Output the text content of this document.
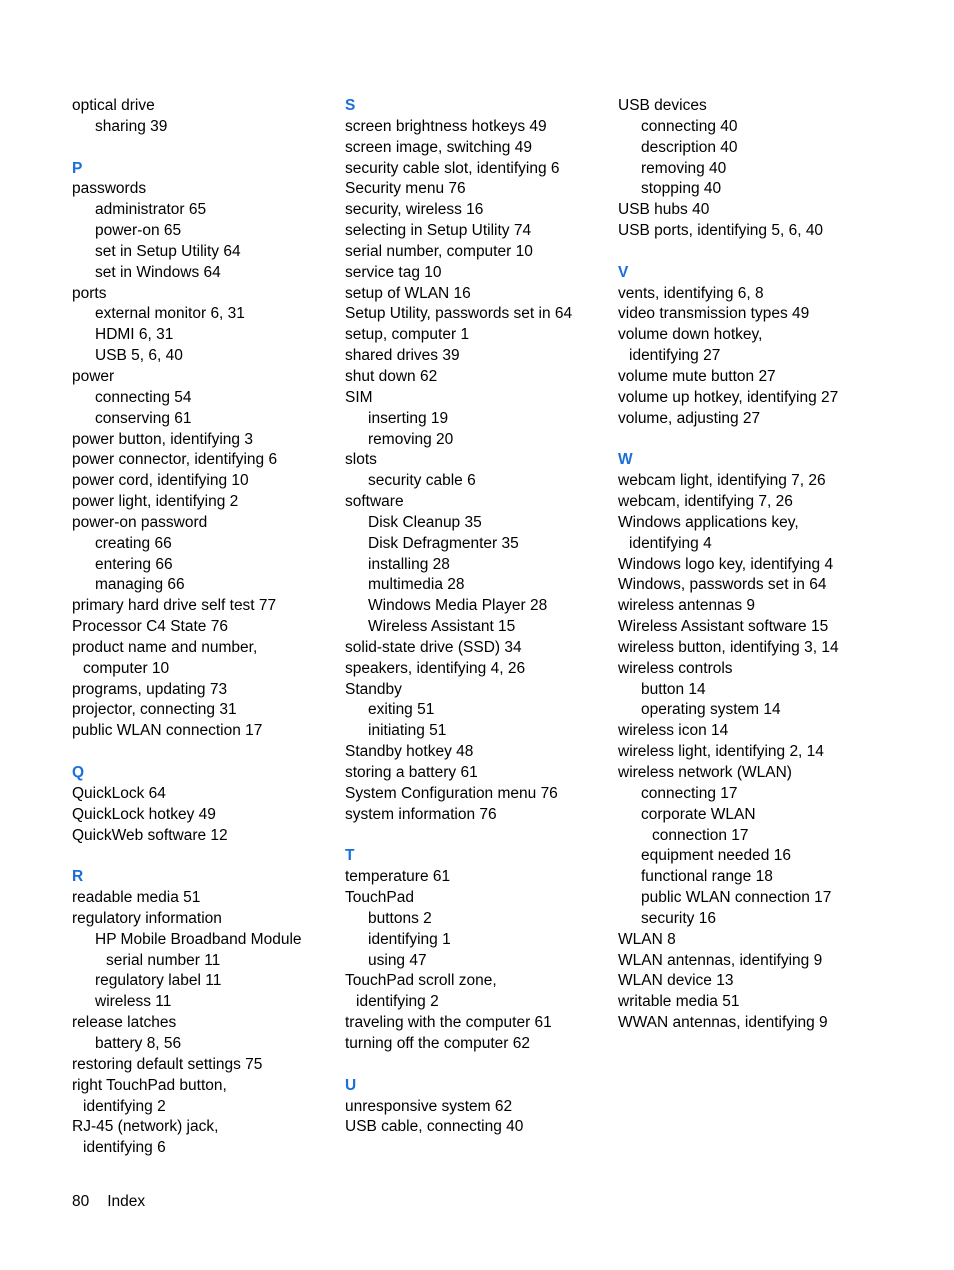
optical drive
sharing 39
P
passwords
administrator 65
power-on 65
set in Setup Utility 64
set in Windows 64
ports
external monitor 6, 31
HDMI 6, 31
USB 5, 6, 40
power
connecting 54
conserving 61
power button, identifying 3
power connector, identifying 6
power cord, identifying 10
power light, identifying 2
power-on password
creating 66
entering 66
managing 66
primary hard drive self test 77
Processor C4 State 76
product name and number,
computer 10
programs, updating 73
projector, connecting 31
public WLAN connection 17
Q
QuickLock 64
QuickLock hotkey 49
QuickWeb software 12
R
readable media 51
regulatory information
HP Mobile Broadband Module
serial number 11
regulatory label 11
wireless 11
release latches
battery 8, 56
restoring default settings 75
right TouchPad button,
identifying 2
RJ-45 (network) jack,
identifying 6
S
screen brightness hotkeys 49
screen image, switching 49
security cable slot, identifying 6
Security menu 76
security, wireless 16
selecting in Setup Utility 74
serial number, computer 10
service tag 10
setup of WLAN 16
Setup Utility, passwords set in 64
setup, computer 1
shared drives 39
shut down 62
SIM
inserting 19
removing 20
slots
security cable 6
software
Disk Cleanup 35
Disk Defragmenter 35
installing 28
multimedia 28
Windows Media Player 28
Wireless Assistant 15
solid-state drive (SSD) 34
speakers, identifying 4, 26
Standby
exiting 51
initiating 51
Standby hotkey 48
storing a battery 61
System Configuration menu 76
system information 76
T
temperature 61
TouchPad
buttons 2
identifying 1
using 47
TouchPad scroll zone,
identifying 2
traveling with the computer 61
turning off the computer 62
U
unresponsive system 62
USB cable, connecting 40
USB devices
connecting 40
description 40
removing 40
stopping 40
USB hubs 40
USB ports, identifying 5, 6, 40
V
vents, identifying 6, 8
video transmission types 49
volume down hotkey,
identifying 27
volume mute button 27
volume up hotkey, identifying 27
volume, adjusting 27
W
webcam light, identifying 7, 26
webcam, identifying 7, 26
Windows applications key,
identifying 4
Windows logo key, identifying 4
Windows, passwords set in 64
wireless antennas 9
Wireless Assistant software 15
wireless button, identifying 3, 14
wireless controls
button 14
operating system 14
wireless icon 14
wireless light, identifying 2, 14
wireless network (WLAN)
connecting 17
corporate WLAN
connection 17
equipment needed 16
functional range 18
public WLAN connection 17
security 16
WLAN 8
WLAN antennas, identifying 9
WLAN device 13
writable media 51
WWAN antennas, identifying 9
80 Index
